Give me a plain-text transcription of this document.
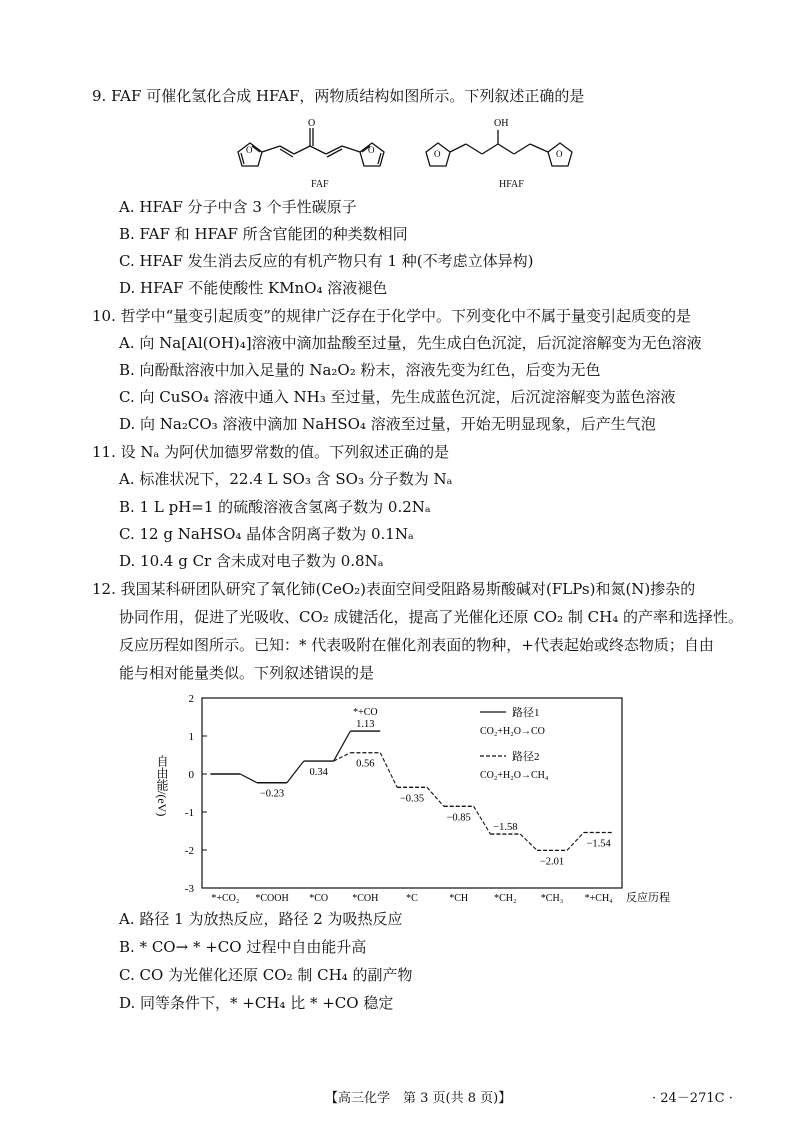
9. FAF 可催化氢化合成 HFAF，两物质结构如图所示。下列叙述正确的是
O
O
O
FAF
OH
O	O
HFAF
A. HFAF 分子中含 3 个手性碳原子
B. FAF 和 HFAF 所含官能团的种类数相同
C. HFAF 发生消去反应的有机产物只有 1 种(不考虑立体异构)
D. HFAF 不能使酸性 KMnO₄ 溶液褪色
10. 哲学中“量变引起质变”的规律广泛存在于化学中。下列变化中不属于量变引起质变的是
A. 向 Na[Al(OH)₄]溶液中滴加盐酸至过量，先生成白色沉淀，后沉淀溶解变为无色溶液
B. 向酚酞溶液中加入足量的 Na₂O₂ 粉末，溶液先变为红色，后变为无色
C. 向 CuSO₄ 溶液中通入 NH₃ 至过量，先生成蓝色沉淀，后沉淀溶解变为蓝色溶液
D. 向 Na₂CO₃ 溶液中滴加 NaHSO₄ 溶液至过量，开始无明显现象，后产生气泡
11. 设 Nₐ 为阿伏加德罗常数的值。下列叙述正确的是
A. 标准状况下，22.4 L SO₃ 含 SO₃ 分子数为 Nₐ
B. 1 L pH=1 的硫酸溶液含氢离子数为 0.2Nₐ
C. 12 g NaHSO₄ 晶体含阴离子数为 0.1Nₐ
D. 10.4 g Cr 含未成对电子数为 0.8Nₐ
12. 我国某科研团队研究了氧化铈(CeO₂)表面空间受阻路易斯酸碱对(FLPs)和氮(N)掺杂的
协同作用，促进了光吸收、CO₂ 成键活化，提高了光催化还原 CO₂ 制 CH₄ 的产率和选择性。
反应历程如图所示。已知：* 代表吸附在催化剂表面的物种，+代表起始或终态物质；自由
能与相对能量类似。下列叙述错误的是
-3
-2
-1
0
1
2
自由能/(eV)
*+CO₂ *COOH *CO *COH	*C	*CH	*CH₂ *CH₃ *+CH₄ 反应历程
−0.23
0.34
1.13
0.56
−0.35
−0.85
−1.58
−2.01
−1.54
*+CO	路径1
CO₂+H₂O→CO
路径2
CO₂+H₂O→CH₄
A. 路径 1 为放热反应，路径 2 为吸热反应
B. * CO→ * +CO 过程中自由能升高
C. CO 为光催化还原 CO₂ 制 CH₄ 的副产物
D. 同等条件下，* +CH₄ 比 * +CO 稳定
【高三化学　第 3 页(共 8 页)】	· 24－271C ·
